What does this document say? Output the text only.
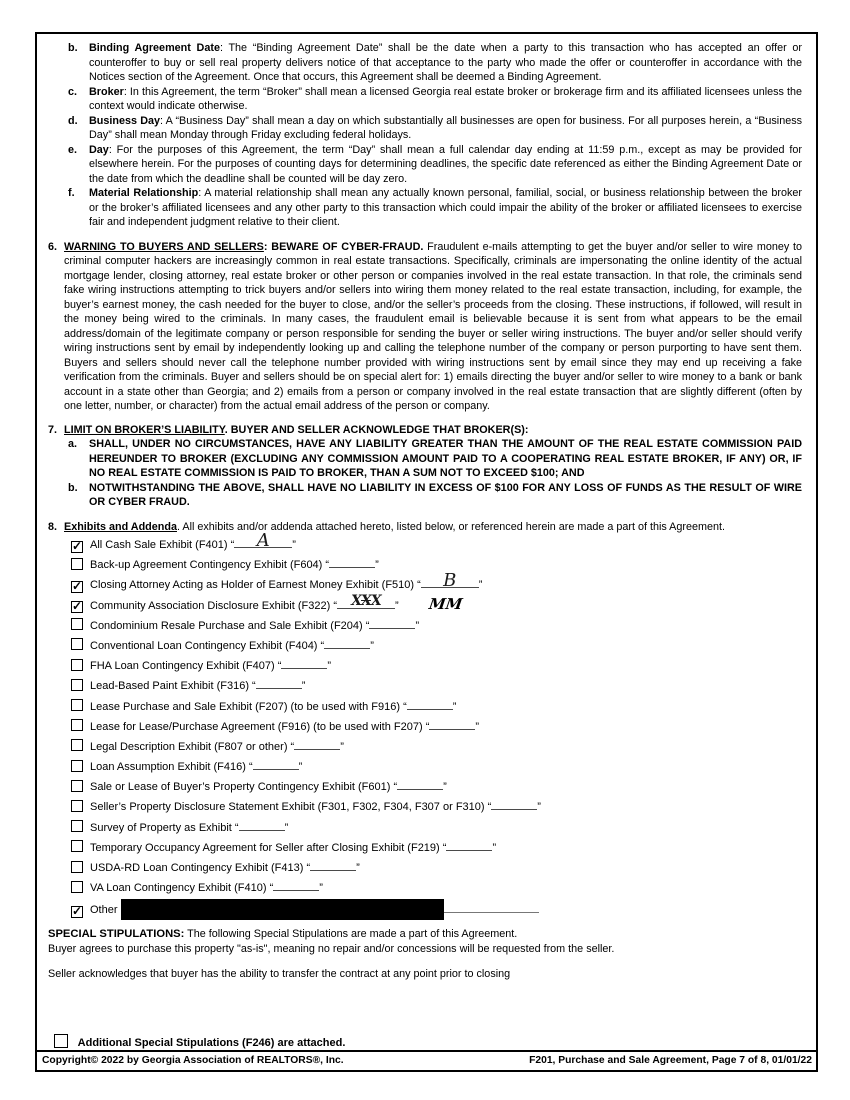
b.	Binding Agreement Date: The “Binding Agreement Date” shall be the date when a party to this transaction who has accepted an offer or counteroffer to buy or sell real property delivers notice of that acceptance to the party who made the offer or counteroffer in accordance with the Notices section of the Agreement. Once that occurs, this Agreement shall be deemed a Binding Agreement.
c.	Broker: In this Agreement, the term “Broker” shall mean a licensed Georgia real estate broker or brokerage firm and its affiliated licensees unless the context would indicate otherwise.
d.	Business Day: A “Business Day” shall mean a day on which substantially all businesses are open for business. For all purposes herein, a “Business Day” shall mean Monday through Friday excluding federal holidays.
e.	Day: For the purposes of this Agreement, the term “Day” shall mean a full calendar day ending at 11:59 p.m., except as may be provided for elsewhere herein. For the purposes of counting days for determining deadlines, the specific date referenced as either the Binding Agreement Date or the date from which the deadline shall be counted will be day zero.
f.	Material Relationship: A material relationship shall mean any actually known personal, familial, social, or business relationship between the broker or the broker’s affiliated licensees and any other party to this transaction which could impair the ability of the broker or affiliated licensees to exercise fair and independent judgment relative to their client.
6. WARNING TO BUYERS AND SELLERS: BEWARE OF CYBER-FRAUD. Fraudulent e-mails attempting to get the buyer and/or seller to wire money to criminal computer hackers are increasingly common in real estate transactions. Specifically, criminals are impersonating the online identity of the actual mortgage lender, closing attorney, real estate broker or other person or companies involved in the real estate transaction. In that role, the criminals send fake wiring instructions attempting to trick buyers and/or sellers into wiring them money related to the real estate transaction, including, for example, the buyer’s earnest money, the cash needed for the buyer to close, and/or the seller’s proceeds from the closing. These instructions, if followed, will result in the money being wired to the criminals. In many cases, the fraudulent email is believable because it is sent from what appears to be the email address/domain of the legitimate company or person responsible for sending the buyer or seller wiring instructions. The buyer and/or seller should verify wiring instructions sent by email by independently looking up and calling the telephone number of the company or person purporting to have sent them. Buyers and sellers should never call the telephone number provided with wiring instructions sent by email since they may end up receiving a fake verification from the criminals. Buyer and sellers should be on special alert for: 1) emails directing the buyer and/or seller to wire money to a bank or bank account in a state other than Georgia; and 2) emails from a person or company involved in the real estate transaction that are slightly different (often by one letter, number, or character) from the actual email address of the person or company.
7. LIMIT ON BROKER’S LIABILITY. BUYER AND SELLER ACKNOWLEDGE THAT BROKER(S):
a.	SHALL, UNDER NO CIRCUMSTANCES, HAVE ANY LIABILITY GREATER THAN THE AMOUNT OF THE REAL ESTATE COMMISSION PAID HEREUNDER TO BROKER (EXCLUDING ANY COMMISSION AMOUNT PAID TO A COOPERATING REAL ESTATE BROKER, IF ANY) OR, IF NO REAL ESTATE COMMISSION IS PAID TO BROKER, THAN A SUM NOT TO EXCEED $100; AND
b.	NOTWITHSTANDING THE ABOVE, SHALL HAVE NO LIABILITY IN EXCESS OF $100 FOR ANY LOSS OF FUNDS AS THE RESULT OF WIRE OR CYBER FRAUD.
8. Exhibits and Addenda. All exhibits and/or addenda attached hereto, listed below, or referenced herein are made a part of this Agreement.
✓ All Cash Sale Exhibit (F401) “ A ”
Back-up Agreement Contingency Exhibit (F604) “	”
✓ Closing Attorney Acting as Holder of Earnest Money Exhibit (F510) “ B ”
✓ Community Association Disclosure Exhibit (F322) “ XXX ” MM
Condominium Resale Purchase and Sale Exhibit (F204) “	”
Conventional Loan Contingency Exhibit (F404) “	”
FHA Loan Contingency Exhibit (F407) “	”
Lead-Based Paint Exhibit (F316) “	”
Lease Purchase and Sale Exhibit (F207) (to be used with F916) “	”
Lease for Lease/Purchase Agreement (F916) (to be used with F207) “	”
Legal Description Exhibit (F807 or other) “	”
Loan Assumption Exhibit (F416) “	”
Sale or Lease of Buyer’s Property Contingency Exhibit (F601) “	”
Seller’s Property Disclosure Statement Exhibit (F301, F302, F304, F307 or F310) “	”
Survey of Property as Exhibit “	”
Temporary Occupancy Agreement for Seller after Closing Exhibit (F219) “	”
USDA-RD Loan Contingency Exhibit (F413) “	”
VA Loan Contingency Exhibit (F410) “	”
✓ Other
SPECIAL STIPULATIONS: The following Special Stipulations are made a part of this Agreement.
Buyer agrees to purchase this property "as-is", meaning no repair and/or concessions will be requested from the seller.
Seller acknowledges that buyer has the ability to transfer the contract at any point prior to closing
Additional Special Stipulations (F246) are attached.
Copyright© 2022 by Georgia Association of REALTORS®, Inc.	F201, Purchase and Sale Agreement, Page 7 of 8, 01/01/22
